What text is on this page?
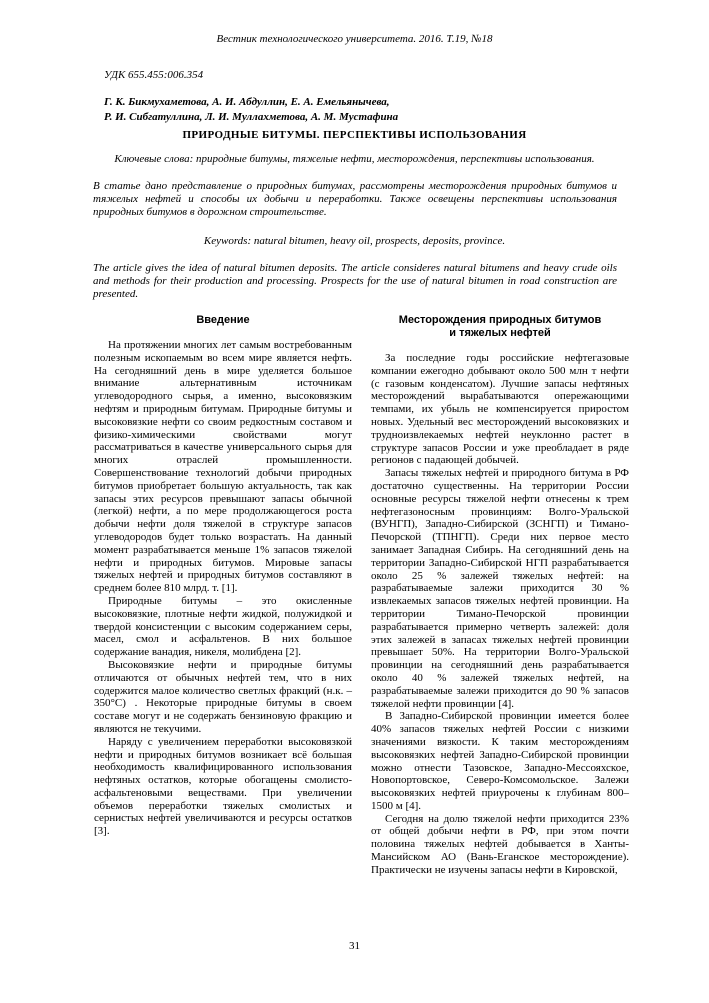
Вестник технологического университета. 2016. Т.19, №18
УДК 655.455:006.354
Г. К. Бикмухаметова, А. И. Абдуллин, Е. А. Емельянычева,
Р. И. Сибгатуллина, Л. И. Муллахметова, А. М. Мустафина
ПРИРОДНЫЕ БИТУМЫ. ПЕРСПЕКТИВЫ ИСПОЛЬЗОВАНИЯ
Ключевые слова: природные битумы, тяжелые нефти, месторождения, перспективы использования.
В статье дано представление о природных битумах, рассмотрены месторождения природных битумов и тяжелых нефтей и способы их добычи и переработки. Также освещены перспективы использования природных битумов в дорожном строительстве.
Keywords: natural bitumen, heavy oil, prospects, deposits, province.
The article gives the idea of natural bitumen deposits. The article consideres natural bitumens and heavy crude oils and methods for their production and processing. Prospects for the use of natural bitumen in road construction are presented.
Введение

На протяжении многих лет самым востребованным полезным ископаемым во всем мире является нефть. На сегодняшний день в мире уделяется большое внимание альтернативным источникам углеводородного сырья, а именно, высоковязким нефтям и природным битумам. Природные битумы и высоковязкие нефти со своим редкостным составом и физико-химическими свойствами могут рассматриваться в качестве универсального сырья для многих отраслей промышленности. Совершенствование технологий добычи природных битумов приобретает большую актуальность, так как запасы этих ресурсов превышают запасы обычной (легкой) нефти, а по мере продолжающегося роста добычи нефти доля тяжелой в структуре запасов углеводородов будет только возрастать. На данный момент разрабатывается меньше 1% запасов тяжелой нефти и природных битумов. Мировые запасы тяжелых нефтей и природных битумов составляют в среднем более 810 млрд. т. [1].

Природные битумы – это окисленные высоковязкие, плотные нефти жидкой, полужидкой и твердой консистенции с высоким содержанием серы, масел, смол и асфальтенов. В них большое содержание ванадия, никеля, молибдена [2].

Высоковязкие нефти и природные битумы отличаются от обычных нефтей тем, что в них содержится малое количество светлых фракций (н.к. – 350°С) . Некоторые природные битумы в своем составе могут и не содержать бензиновую фракцию и являются не текучими.

Наряду с увеличением переработки высоковязкой нефти и природных битумов возникает всё большая необходимость квалифицированного использования нефтяных остатков, которые обогащены смолисто-асфальтеновыми веществами. При увеличении объемов переработки тяжелых смолистых и сернистых нефтей увеличиваются и ресурсы остатков [3].

Месторождения природных битумов
и тяжелых нефтей

За последние годы российские нефтегазовые компании ежегодно добывают около 500 млн т нефти (с газовым конденсатом). Лучшие запасы нефтяных месторождений вырабатываются опережающими темпами, их убыль не компенсируется приростом новых. Удельный вес месторождений высоковязких и трудноизвлекаемых нефтей неуклонно растет в структуре запасов России и уже преобладает в ряде регионов с падающей добычей.

Запасы тяжелых нефтей и природного битума в РФ достаточно существенны. На территории России основные ресурсы тяжелой нефти отнесены к трем нефтегазоносным провинциям: Волго-Уральской (ВУНГП), Западно-Сибирской (ЗСНГП) и Тимано-Печорской (ТПНГП). Среди них первое место занимает Западная Сибирь. На сегодняшний день на территории Западно-Сибирской НГП разрабатывается около 25 % залежей тяжелых нефтей: на разрабатываемые залежи приходится 30 % извлекаемых запасов тяжелых нефтей провинции. На территории Тимано-Печорской провинции разрабатывается примерно четверть залежей: доля этих залежей в запасах тяжелых нефтей провинции превышает 50%. На территории Волго-Уральской провинции на сегодняшний день разрабатывается около 40 % залежей тяжелых нефтей, на разрабатываемые залежи приходится до 90 % запасов тяжелой нефти провинции [4].

В Западно-Сибирской провинции имеется более 40% запасов тяжелых нефтей России с низкими значениями вязкости. К таким месторождениям высоковязких нефтей Западно-Сибирской провинции можно отнести Тазовское, Западно-Мессояхское, Новопортовское, Северо-Комсомольское. Залежи высоковязких нефтей приурочены к глубинам 800–1500 м [4].

Сегодня на долю тяжелой нефти приходится 23% от общей добычи нефти в РФ, при этом почти половина тяжелых нефтей добывается в Ханты-Мансийском АО (Вань-Еганское месторождение). Практически не изучены запасы нефти в Кировской,

31
